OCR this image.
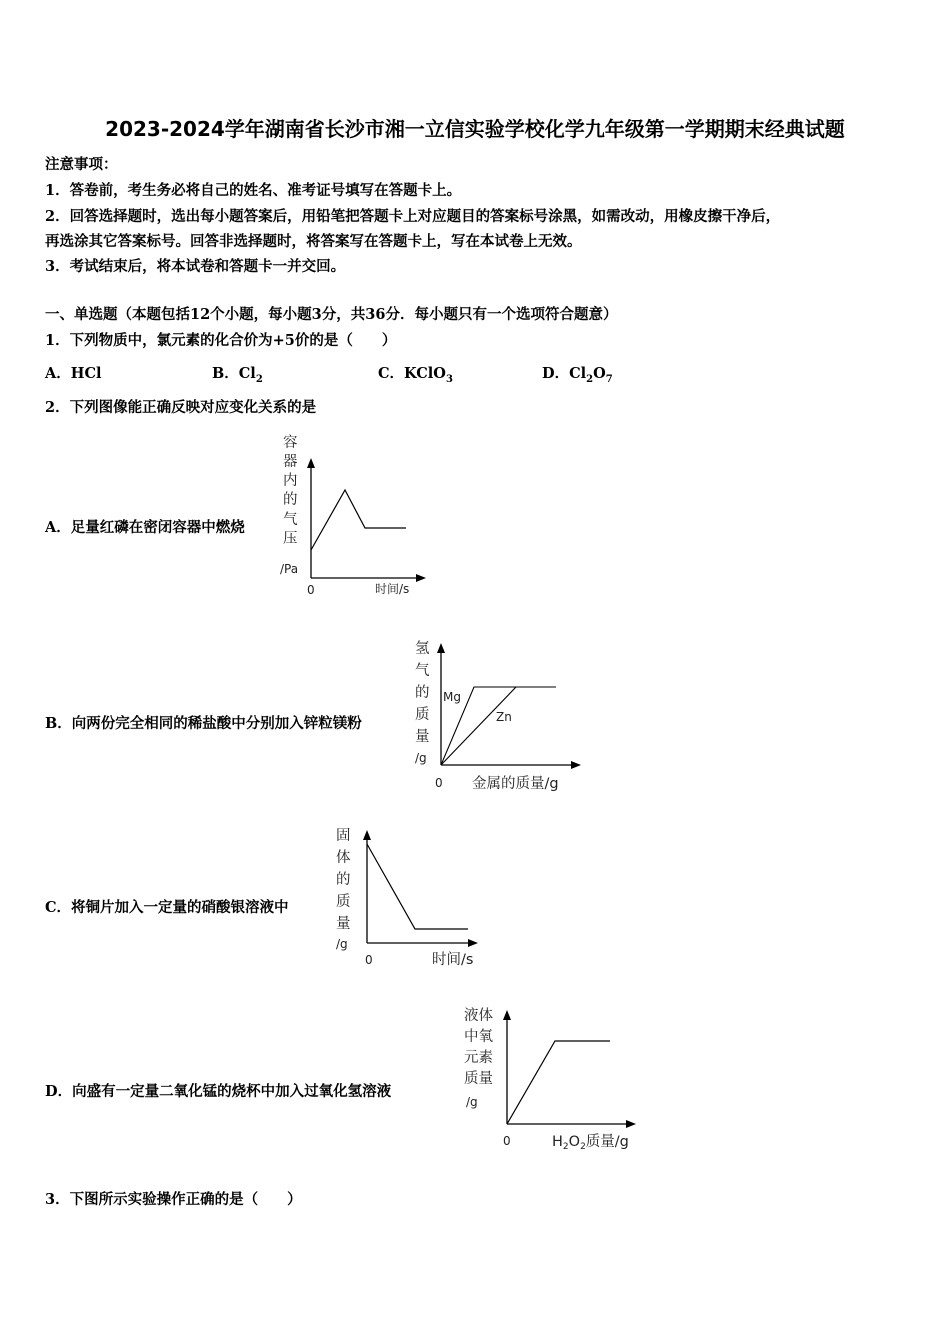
2023-2024学年湖南省长沙市湘一立信实验学校化学九年级第一学期期末经典试题
注意事项：
1．答卷前，考生务必将自己的姓名、准考证号填写在答题卡上。
2．回答选择题时，选出每小题答案后，用铅笔把答题卡上对应题目的答案标号涂黑，如需改动，用橡皮擦干净后，
再选涂其它答案标号。回答非选择题时，将答案写在答题卡上，写在本试卷上无效。
3．考试结束后，将本试卷和答题卡一并交回。
一、单选题（本题包括12个小题，每小题3分，共36分．每小题只有一个选项符合题意）
1．下列物质中，氯元素的化合价为+5价的是（　　）
A．HCl	B．$Cl_2$	C．KClO$_3$	D．$Cl_2O_7$
2．下列图像能正确反映对应变化关系的是
A．足量红磷在密闭容器中燃烧
容
器
内
的
气
压
/Pa
0	时间/s
B．向两份完全相同的稀盐酸中分别加入锌粒镁粉
氢
气
的
质
量
/g
0 金属的质量/g
Mg
Zn
C．将铜片加入一定量的硝酸银溶液中
固
体
的
质
量
/g
0	时间/s
D．向盛有一定量二氧化锰的烧杯中加入过氧化氢溶液
液体
中氧
元素
质量
/g
0	$H_2O_2$质量/g
3．下图所示实验操作正确的是（　　）
